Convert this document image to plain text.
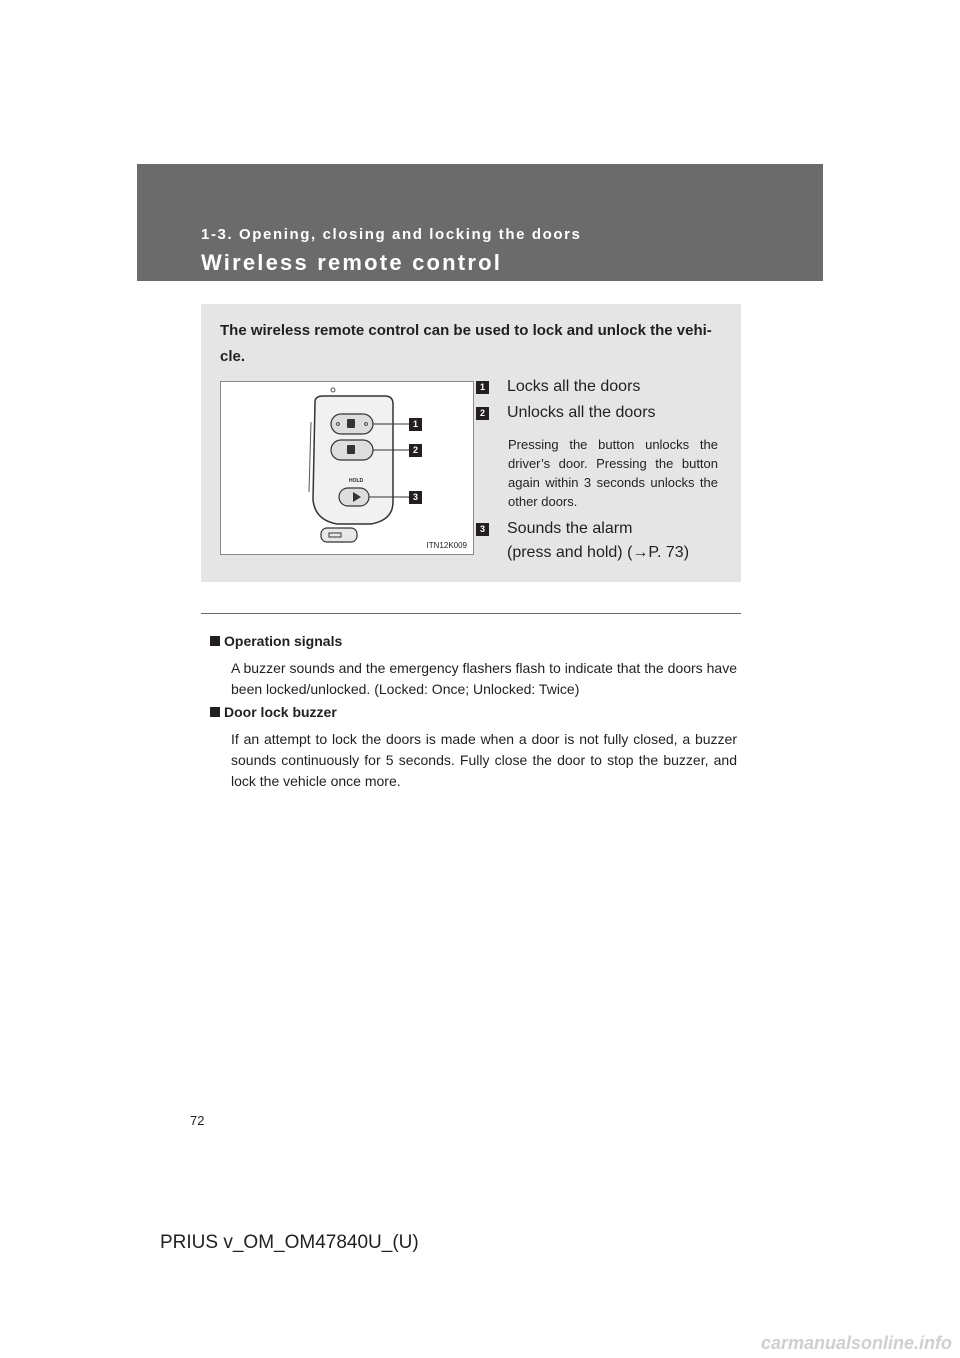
1-3. Opening, closing and locking the doors
Wireless remote control
The wireless remote control can be used to lock and unlock the vehi-cle.
HOLD
1
2
3
ITN12K009
1 Locks all the doors
2 Unlocks all the doors
Pressing the button unlocks the driver’s door. Pressing the button again within 3 seconds unlocks the other doors.
3 Sounds the alarm
(press and hold) (→P. 73)
Operation signals
A buzzer sounds and the emergency flashers flash to indicate that the doors have been locked/unlocked. (Locked: Once; Unlocked: Twice)
Door lock buzzer
If an attempt to lock the doors is made when a door is not fully closed, a buzzer sounds continuously for 5 seconds. Fully close the door to stop the buzzer, and lock the vehicle once more.
72
PRIUS v_OM_OM47840U_(U)
carmanualsonline.info
